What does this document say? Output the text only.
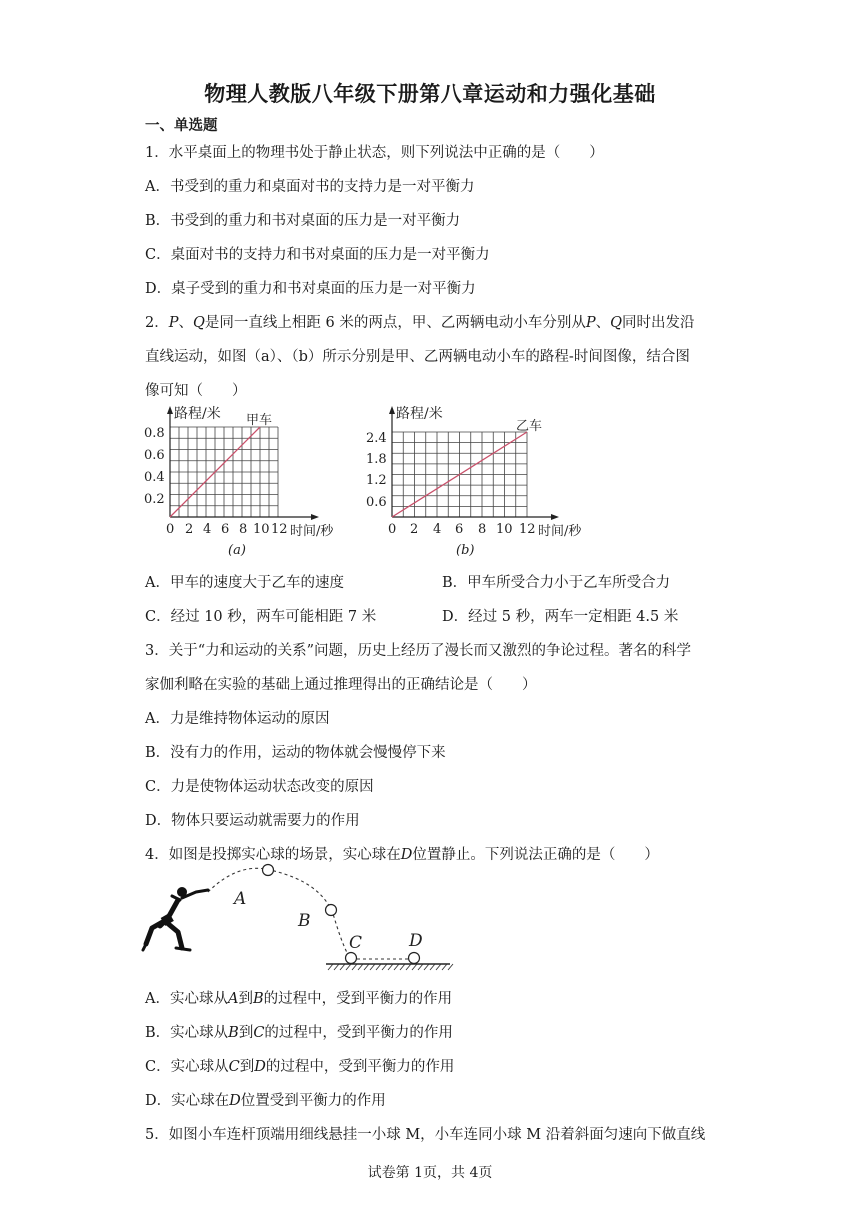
物理人教版八年级下册第八章运动和力强化基础
一、单选题
1．水平桌面上的物理书处于静止状态，则下列说法中正确的是（　　）
A．书受到的重力和桌面对书的支持力是一对平衡力
B．书受到的重力和书对桌面的压力是一对平衡力
C．桌面对书的支持力和书对桌面的压力是一对平衡力
D．桌子受到的重力和书对桌面的压力是一对平衡力
2．P、Q是同一直线上相距 6 米的两点，甲、乙两辆电动小车分别从P、Q同时出发沿
直线运动，如图（a）、（b）所示分别是甲、乙两辆电动小车的路程-时间图像，结合图
像可知（　　）
路程/米 甲车
0.8
0.6
0.4
0.2
0 2 4 6 8 10 12 时间/秒
(a)
路程/米
乙车
2.4
1.8
1.2
0.6
0 2 4 6 8 10 12 时间/秒
(b)
A．甲车的速度大于乙车的速度	B．甲车所受合力小于乙车所受合力
C．经过 10 秒，两车可能相距 7 米	D．经过 5 秒，两车一定相距 4.5 米
3．关于“力和运动的关系”问题，历史上经历了漫长而又激烈的争论过程。著名的科学
家伽利略在实验的基础上通过推理得出的正确结论是（　　）
A．力是维持物体运动的原因
B．没有力的作用，运动的物体就会慢慢停下来
C．力是使物体运动状态改变的原因
D．物体只要运动就需要力的作用
4．如图是投掷实心球的场景，实心球在D位置静止。下列说法正确的是（　　）
A
B
C	D
A．实心球从A到B的过程中，受到平衡力的作用
B．实心球从B到C的过程中，受到平衡力的作用
C．实心球从C到D的过程中，受到平衡力的作用
D．实心球在D位置受到平衡力的作用
5．如图小车连杆顶端用细线悬挂一小球 M，小车连同小球 M 沿着斜面匀速向下做直线
试卷第 1页，共 4页
